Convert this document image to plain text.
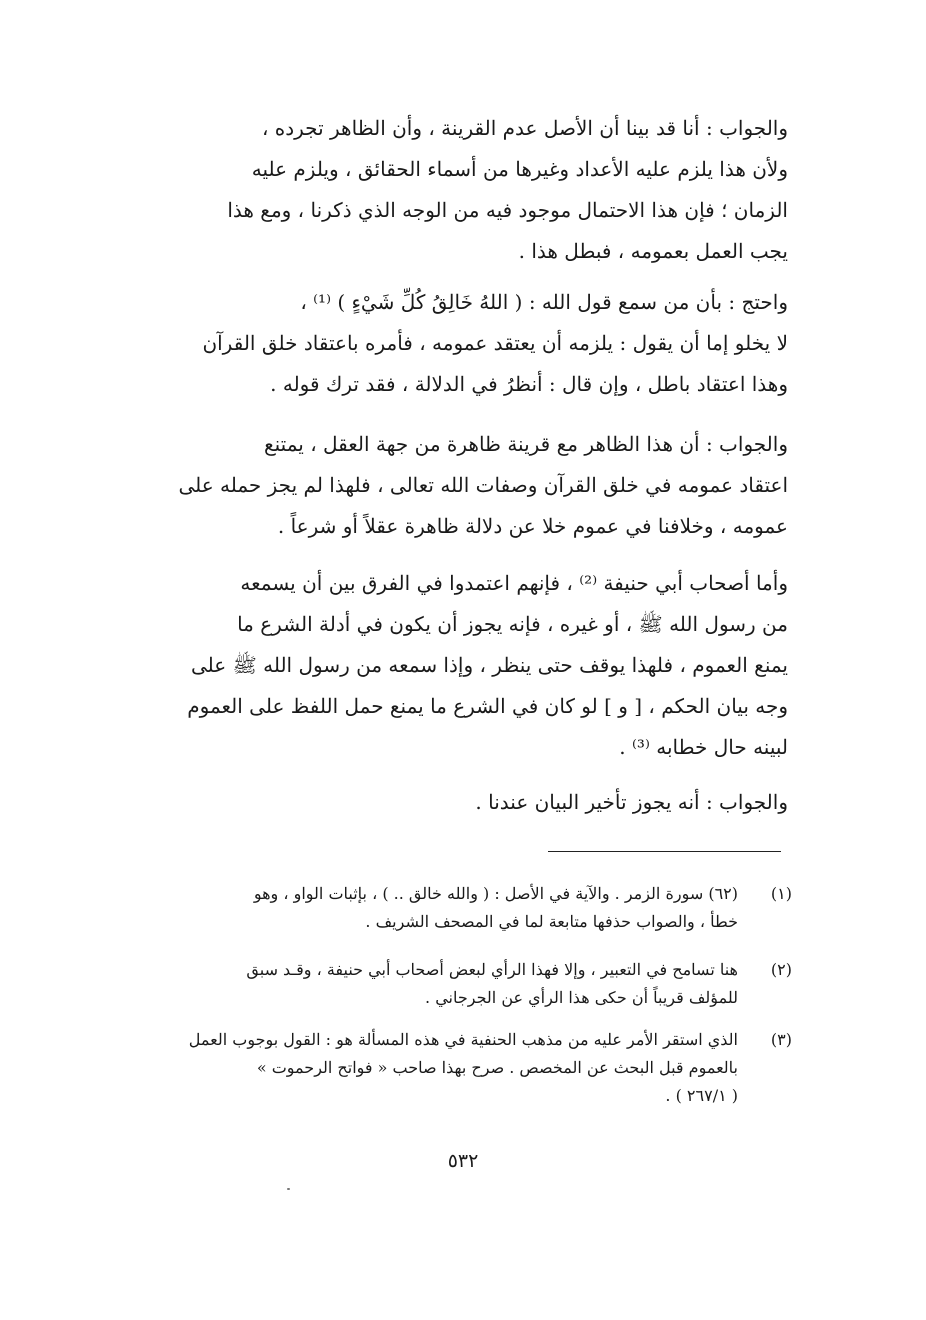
والجواب : أنا قد بينا أن الأصل عدم القرينة ، وأن الظاهر تجرده ،
ولأن هذا يلزم عليه الأعداد وغيرها من أسماء الحقائق ، ويلزم عليه
الزمان ؛ فإن هذا الاحتمال موجود فيه من الوجه الذي ذكرنا ، ومع هذا
يجب العمل بعمومه ، فبطل هذا .

واحتج : بأن من سمع قول الله : ( اللهُ خَالِقُ كُلِّ شَيْءٍ ) ⁽¹⁾ ،
لا يخلو إما أن يقول : يلزمه أن يعتقد عمومه ، فأمره باعتقاد خلق القرآن
وهذا اعتقاد باطل ، وإن قال : أنظرُ في الدلالة ، فقد ترك قوله .

والجواب : أن هذا الظاهر مع قرينة ظاهرة من جهة العقل ، يمتنع
اعتقاد عمومه في خلق القرآن وصفات الله تعالى ، فلهذا لم يجز حمله على
عمومه ، وخلافنا في عموم خلا عن دلالة ظاهرة عقلاً أو شرعاً .

وأما أصحاب أبي حنيفة ⁽²⁾ ، فإنهم اعتمدوا في الفرق بين أن يسمعه
من رسول الله ﷺ ، أو غيره ، فإنه يجوز أن يكون في أدلة الشرع ما
يمنع العموم ، فلهذا يوقف حتى ينظر ، وإذا سمعه من رسول الله ﷺ على
وجه بيان الحكم ، [ و ] لو كان في الشرع ما يمنع حمل اللفظ على العموم
لبينه حال خطابه ⁽³⁾ .

والجواب : أنه يجوز تأخير البيان عندنا .

(١)
(٦٢) سورة الزمر . والآية في الأصل : ( والله خالق .. ) ، بإثبات الواو ، وهو
خطأ ، والصواب حذفها متابعة لما في المصحف الشريف .
(٢)
هنا تسامح في التعبير ، وإلا فهذا الرأي لبعض أصحاب أبي حنيفة ، وقـد سبق
للمؤلف قريباً أن حكى هذا الرأي عن الجرجاني .
(٣)
الذي استقر الأمر عليه من مذهب الحنفية في هذه المسألة هو : القول بوجوب العمل
بالعموم قبل البحث عن المخصص . صرح بهذا صاحب « فواتح الرحموت »
( ٢٦٧/١ ) .
٥٣٢
